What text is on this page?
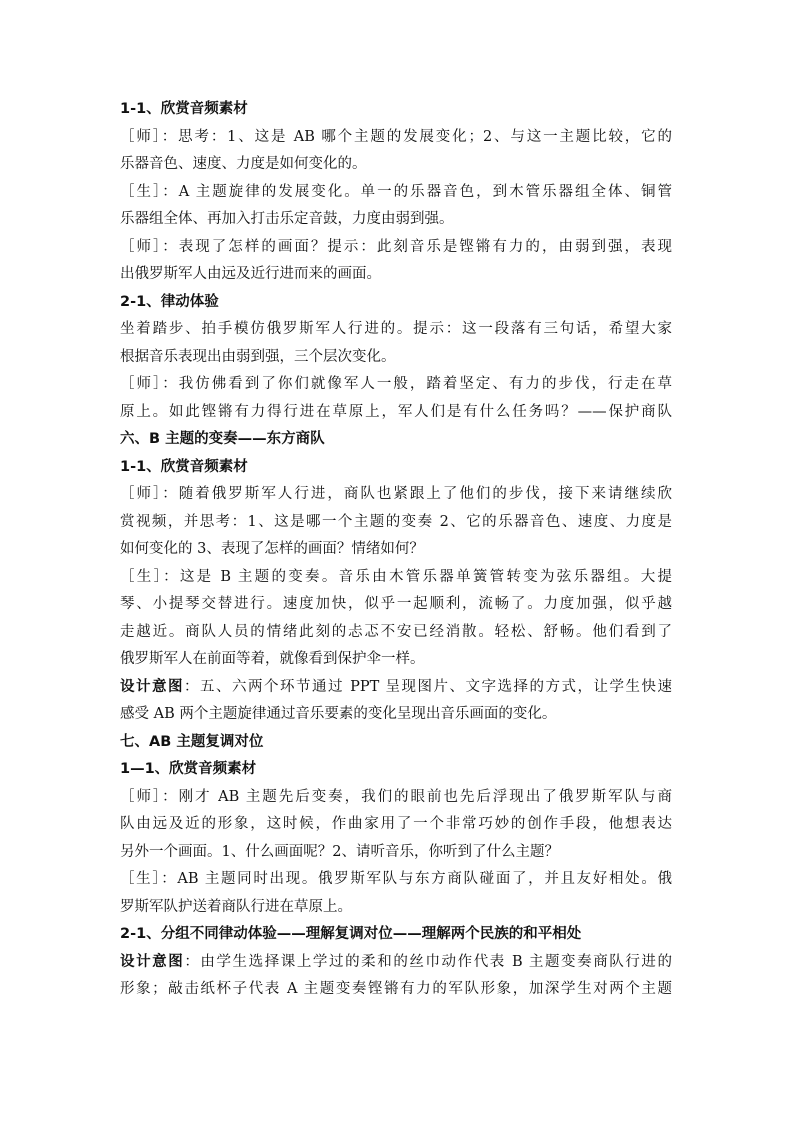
1-1、欣赏音频素材
［师］：思考：1、这是 AB 哪个主题的发展变化；2、与这一主题比较，它的
乐器音色、速度、力度是如何变化的。
［生］：A 主题旋律的发展变化。单一的乐器音色，到木管乐器组全体、铜管
乐器组全体、再加入打击乐定音鼓，力度由弱到强。
［师］：表现了怎样的画面？提示：此刻音乐是铿锵有力的，由弱到强，表现
出俄罗斯军人由远及近行进而来的画面。
2-1、律动体验
坐着踏步、拍手模仿俄罗斯军人行进的。提示：这一段落有三句话，希望大家
根据音乐表现出由弱到强，三个层次变化。
［师］：我仿佛看到了你们就像军人一般，踏着坚定、有力的步伐，行走在草
原上。如此铿锵有力得行进在草原上，军人们是有什么任务吗？——保护商队
六、B 主题的变奏——东方商队
1-1、欣赏音频素材
［师］：随着俄罗斯军人行进，商队也紧跟上了他们的步伐，接下来请继续欣
赏视频，并思考：1、这是哪一个主题的变奏 2、它的乐器音色、速度、力度是
如何变化的 3、表现了怎样的画面？情绪如何？
［生］：这是 B 主题的变奏。音乐由木管乐器单簧管转变为弦乐器组。大提
琴、小提琴交替进行。速度加快，似乎一起顺利，流畅了。力度加强，似乎越
走越近。商队人员的情绪此刻的忐忑不安已经消散。轻松、舒畅。他们看到了
俄罗斯军人在前面等着，就像看到保护伞一样。
设计意图：五、六两个环节通过 PPT 呈现图片、文字选择的方式，让学生快速
感受 AB 两个主题旋律通过音乐要素的变化呈现出音乐画面的变化。
七、AB 主题复调对位
1—1、欣赏音频素材
［师］：刚才 AB 主题先后变奏，我们的眼前也先后浮现出了俄罗斯军队与商
队由远及近的形象，这时候，作曲家用了一个非常巧妙的创作手段，他想表达
另外一个画面。1、什么画面呢？2、请听音乐，你听到了什么主题？
［生］：AB 主题同时出现。俄罗斯军队与东方商队碰面了，并且友好相处。俄
罗斯军队护送着商队行进在草原上。
2-1、分组不同律动体验——理解复调对位——理解两个民族的和平相处
设计意图：由学生选择课上学过的柔和的丝巾动作代表 B 主题变奏商队行进的
形象；敲击纸杯子代表 A 主题变奏铿锵有力的军队形象，加深学生对两个主题
